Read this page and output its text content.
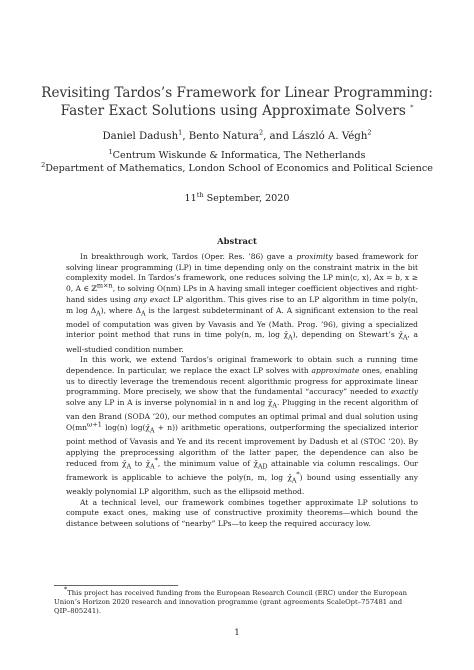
Revisiting Tardos’s Framework for Linear Programming:
Faster Exact Solutions using Approximate Solvers *
Daniel Dadush$^1$, Bento Natura$^2$, and László A. Végh$^2$
$^1$Centrum Wiskunde & Informatica, The Netherlands
$^2$Department of Mathematics, London School of Economics and Political Science
11th September, 2020
Abstract

In breakthrough work, Tardos (Oper. Res. ’86) gave a proximity based framework for solving linear programming (LP) in time depending only on the constraint matrix in the bit complexity model. In Tardos’s framework, one reduces solving the LP min⟨c, x⟩, Ax = b, x ≥ 0, A ∈ ℤ$^{m\times n}$, to solving O(nm) LPs in A having small integer coefficient objectives and right-hand sides using any exact LP algorithm. This gives rise to an LP algorithm in time poly(n, m $\log \Delta_A$), where $\Delta_A$ is the largest subdeterminant of A. A significant extension to the real model of computation was given by Vavasis and Ye (Math. Prog. ’96), giving a specialized interior point method that runs in time poly(n, m, $\log \chī_A$), depending on Stewart’s $\chī_A$, a well-studied condition number.

In this work, we extend Tardos’s original framework to obtain such a running time dependence. In particular, we replace the exact LP solves with approximate ones, enabling us to directly leverage the tremendous recent algorithmic progress for approximate linear programming. More precisely, we show that the fundamental “accuracy” needed to exactly solve any LP in A is inverse polynomial in n and $\log \chī_A$. Plugging in the recent algorithm of van den Brand (SODA ’20), our method computes an optimal primal and dual solution using $O(mn^{\omega+1}$ log(n) $\log(\chī_A + n)$) arithmetic operations, outperforming the specialized interior point method of Vavasis and Ye and its recent improvement by Dadush et al (STOC ’20). By applying the preprocessing algorithm of the latter paper, the dependence can also be reduced from $\chī_A$ to $\chī_A^*$, the minimum value of $\chī_{AD}$ attainable via column rescalings. Our framework is applicable to achieve the poly(n, m, $\log \chī_A^*$) bound using essentially any weakly polynomial LP algorithm, such as the ellipsoid method.

At a technical level, our framework combines together approximate LP solutions to compute exact ones, making use of constructive proximity theorems—which bound the distance between solutions of “nearby” LPs—to keep the required accuracy low.

*This project has received funding from the European Research Council (ERC) under the European Union’s Horizon 2020 research and innovation programme (grant agreements ScaleOpt–757481 and QIP–805241).

1
